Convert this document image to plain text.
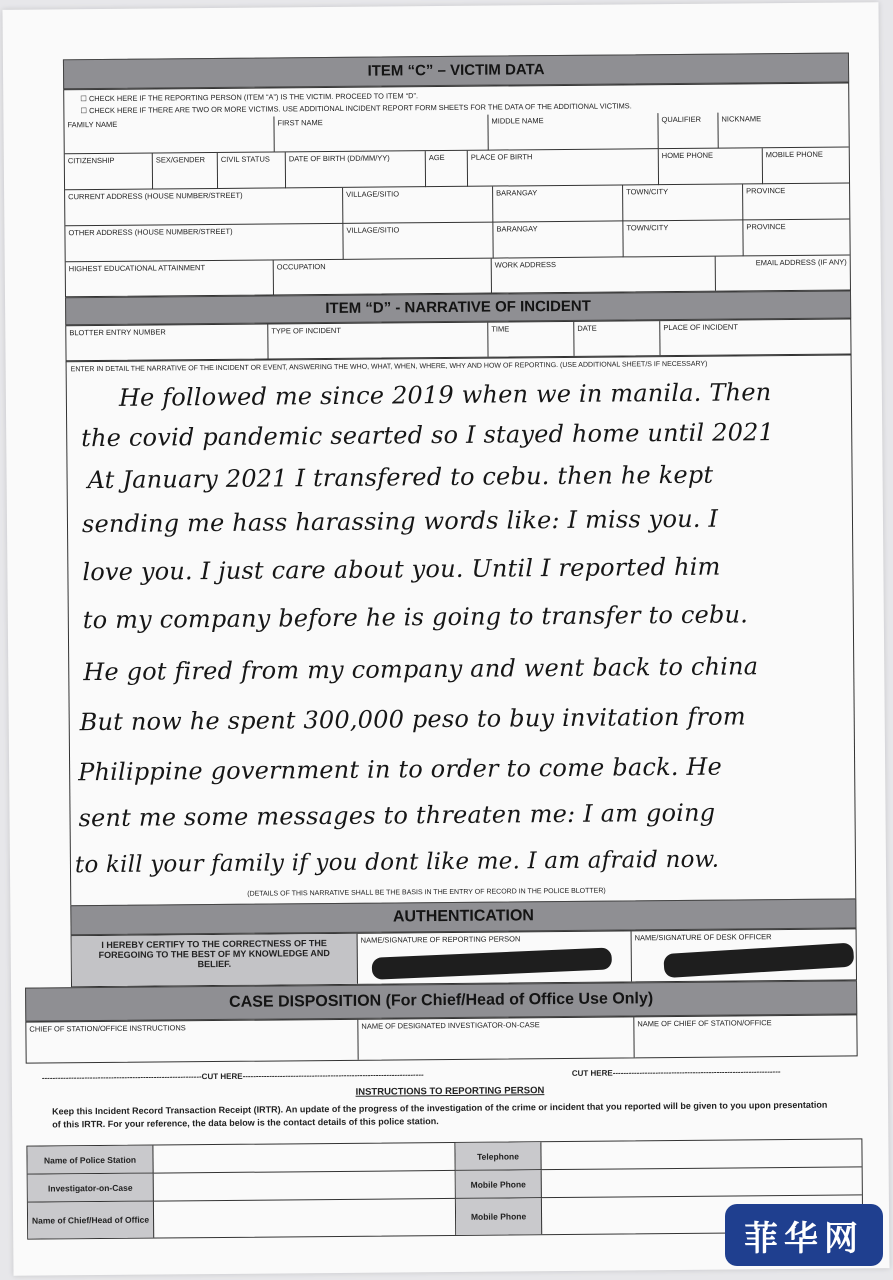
ITEM “C” – VICTIM DATA
☐ CHECK HERE IF THE REPORTING PERSON (ITEM “A”) IS THE VICTIM. PROCEED TO ITEM “D”.
☐ CHECK HERE IF THERE ARE TWO OR MORE VICTIMS. USE ADDITIONAL INCIDENT REPORT FORM SHEETS FOR THE DATA OF THE ADDITIONAL VICTIMS.
FAMILY NAME	FIRST NAME	MIDDLE NAME	QUALIFIER	NICKNAME
CITIZENSHIP	SEX/GENDER	CIVIL STATUS	DATE OF BIRTH (DD/MM/YY)	AGE	PLACE OF BIRTH	HOME PHONE	MOBILE PHONE
CURRENT ADDRESS (HOUSE NUMBER/STREET)	VILLAGE/SITIO	BARANGAY	TOWN/CITY	PROVINCE
OTHER ADDRESS (HOUSE NUMBER/STREET)	VILLAGE/SITIO	BARANGAY	TOWN/CITY	PROVINCE
HIGHEST EDUCATIONAL ATTAINMENT	OCCUPATION	WORK ADDRESS	EMAIL ADDRESS (IF ANY)
ITEM “D” - NARRATIVE OF INCIDENT
BLOTTER ENTRY NUMBER	TYPE OF INCIDENT	TIME	DATE	PLACE OF INCIDENT
ENTER IN DETAIL THE NARRATIVE OF THE INCIDENT OR EVENT, ANSWERING THE WHO, WHAT, WHEN, WHERE, WHY AND HOW OF REPORTING. (USE ADDITIONAL SHEET/S IF NECESSARY)
He followed me since 2019 when we in manila. Then
the covid pandemic searted so I stayed home until 2021
At January 2021 I transfered to cebu. then he kept
sending me hass harassing words like: I miss you. I
love you. I just care about you. Until I reported him
to my company before he is going to transfer to cebu.
He got fired from my company and went back to china
But now he spent 300,000 peso to buy invitation from
Philippine government in to order to come back. He
sent me some messages to threaten me: I am going
to kill your family if you dont like me. I am afraid now.
(DETAILS OF THIS NARRATIVE SHALL BE THE BASIS IN THE ENTRY OF RECORD IN THE POLICE BLOTTER)
AUTHENTICATION
I HEREBY CERTIFY TO THE CORRECTNESS OF THE FOREGOING TO THE BEST OF MY KNOWLEDGE AND BELIEF.
NAME/SIGNATURE OF REPORTING PERSON	NAME/SIGNATURE OF DESK OFFICER
CASE DISPOSITION (For Chief/Head of Office Use Only)
CHIEF OF STATION/OFFICE INSTRUCTIONS	NAME OF DESIGNATED INVESTIGATOR-ON-CASE	NAME OF CHIEF OF STATION/OFFICE
------------------------------------------------------------CUT HERE--------------------------------------------------------------------	CUT HERE---------------------------------------------------------------
INSTRUCTIONS TO REPORTING PERSON
Keep this Incident Record Transaction Receipt (IRTR). An update of the progress of the investigation of the crime or incident that you reported will be given to you upon presentation of this IRTR. For your reference, the data below is the contact details of this police station.
Name of Police Station	Telephone
Investigator-on-Case	Mobile Phone
Name of Chief/Head of Office	Mobile Phone
菲华网
